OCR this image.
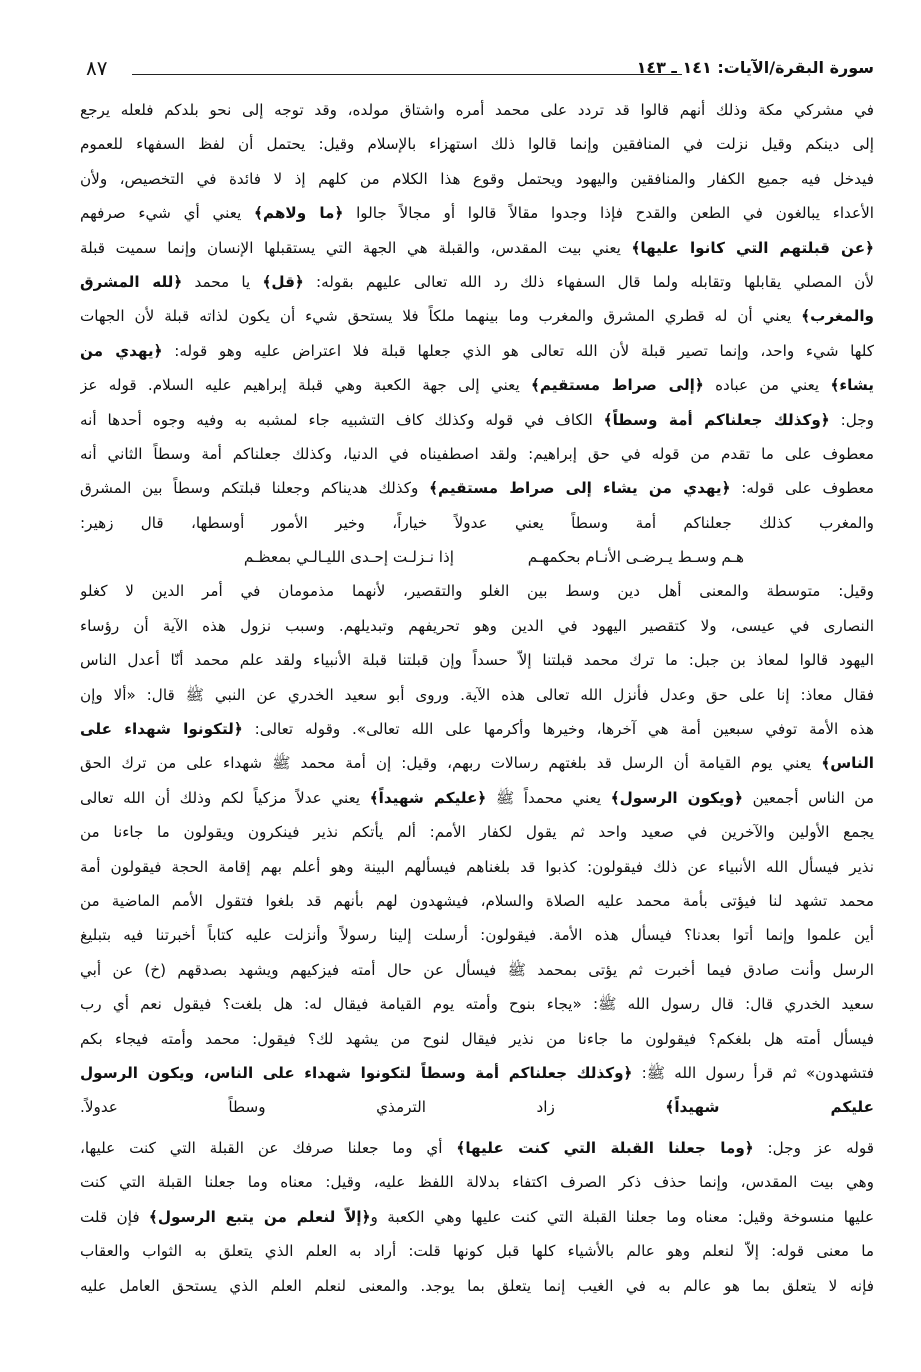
٨٧	سورة البقرة/الآيات: ١٤١ ـ ١٤٣
في مشركي مكة وذلك أنهم قالوا قد تردد على محمد أمره واشتاق مولده، وقد توجه إلى نحو بلدكم فلعله يرجع
إلى دينكم وقيل نزلت في المنافقين وإنما قالوا ذلك استهزاء بالإسلام وقيل: يحتمل أن لفظ السفهاء للعموم
فيدخل فيه جميع الكفار والمنافقين واليهود ويحتمل وقوع هذا الكلام من كلهم إذ لا فائدة في التخصيص، ولأن
الأعداء يبالغون في الطعن والقدح فإذا وجدوا مقالاً قالوا أو مجالاً جالوا ﴿ما ولاهم﴾ يعني أي شيء صرفهم
﴿عن قبلتهم التي كانوا عليها﴾ يعني بيت المقدس، والقبلة هي الجهة التي يستقبلها الإنسان وإنما سميت قبلة
لأن المصلي يقابلها وتقابله ولما قال السفهاء ذلك رد الله تعالى عليهم بقوله: ﴿قل﴾ يا محمد ﴿لله المشرق
والمغرب﴾ يعني أن له قطري المشرق والمغرب وما بينهما ملكاً فلا يستحق شيء أن يكون لذاته قبلة لأن الجهات
كلها شيء واحد، وإنما تصير قبلة لأن الله تعالى هو الذي جعلها قبلة فلا اعتراض عليه وهو قوله: ﴿يهدي من
يشاء﴾ يعني من عباده ﴿إلى صراط مستقيم﴾ يعني إلى جهة الكعبة وهي قبلة إبراهيم عليه السلام. قوله عز
وجل: ﴿وكذلك جعلناكم أمة وسطاً﴾ الكاف في قوله وكذلك كاف التشبيه جاء لمشبه به وفيه وجوه أحدها أنه
معطوف على ما تقدم من قوله في حق إبراهيم: ولقد اصطفيناه في الدنيا، وكذلك جعلناكم أمة وسطاً الثاني أنه
معطوف على قوله: ﴿يهدي من يشاء إلى صراط مستقيم﴾ وكذلك هديناكم وجعلنا قبلتكم وسطاً بين المشرق
والمغرب كذلك جعلناكم أمة وسطاً يعني عدولاً خياراً، وخير الأمور أوسطها، قال زهير:
هـم وسـط يـرضـى الأنـام بحكمهـم
إذا نـزلـت إحـدى الليـالـي بمعظـم
وقيل: متوسطة والمعنى أهل دين وسط بين الغلو والتقصير، لأنهما مذمومان في أمر الدين لا كغلو
النصارى في عيسى، ولا كتقصير اليهود في الدين وهو تحريفهم وتبديلهم. وسبب نزول هذه الآية أن رؤساء
اليهود قالوا لمعاذ بن جبل: ما ترك محمد قبلتنا إلاّ حسداً وإن قبلتنا قبلة الأنبياء ولقد علم محمد أنّا أعدل الناس
فقال معاذ: إنا على حق وعدل فأنزل الله تعالى هذه الآية. وروى أبو سعيد الخدري عن النبي ﷺ قال: «ألا وإن
هذه الأمة توفي سبعين أمة هي آخرها، وخيرها وأكرمها على الله تعالى». وقوله تعالى: ﴿لتكونوا شهداء على
الناس﴾ يعني يوم القيامة أن الرسل قد بلغتهم رسالات ربهم، وقيل: إن أمة محمد ﷺ شهداء على من ترك الحق
من الناس أجمعين ﴿ويكون الرسول﴾ يعني محمداً ﷺ ﴿عليكم شهيداً﴾ يعني عدلاً مزكياً لكم وذلك أن الله تعالى
يجمع الأولين والآخرين في صعيد واحد ثم يقول لكفار الأمم: ألم يأتكم نذير فينكرون ويقولون ما جاءنا من
نذير فيسأل الله الأنبياء عن ذلك فيقولون: كذبوا قد بلغناهم فيسألهم البينة وهو أعلم بهم إقامة الحجة فيقولون أمة
محمد تشهد لنا فيؤتى بأمة محمد عليه الصلاة والسلام، فيشهدون لهم بأنهم قد بلغوا فتقول الأمم الماضية من
أين علموا وإنما أتوا بعدنا؟ فيسأل هذه الأمة. فيقولون: أرسلت إلينا رسولاً وأنزلت عليه كتاباً أخبرتنا فيه بتبليغ
الرسل وأنت صادق فيما أخبرت ثم يؤتى بمحمد ﷺ فيسأل عن حال أمته فيزكيهم ويشهد بصدقهم (خ) عن أبي
سعيد الخدري قال: قال رسول الله ﷺ: «يجاء بنوح وأمته يوم القيامة فيقال له: هل بلغت؟ فيقول نعم أي رب
فيسأل أمته هل بلغكم؟ فيقولون ما جاءنا من نذير فيقال لنوح من يشهد لك؟ فيقول: محمد وأمته فيجاء بكم
فتشهدون» ثم قرأ رسول الله ﷺ: ﴿وكذلك جعلناكم أمة وسطاً لتكونوا شهداء على الناس، ويكون الرسول
عليكم شهيداً﴾ زاد الترمذي وسطاً عدولاً.
قوله عز وجل: ﴿وما جعلنا القبلة التي كنت عليها﴾ أي وما جعلنا صرفك عن القبلة التي كنت عليها،
وهي بيت المقدس، وإنما حذف ذكر الصرف اكتفاء بدلالة اللفظ عليه، وقيل: معناه وما جعلنا القبلة التي كنت
عليها منسوخة وقيل: معناه وما جعلنا القبلة التي كنت عليها وهي الكعبة و﴿إلاّ لنعلم من يتبع الرسول﴾ فإن قلت
ما معنى قوله: إلاّ لنعلم وهو عالم بالأشياء كلها قبل كونها قلت: أراد به العلم الذي يتعلق به الثواب والعقاب
فإنه لا يتعلق بما هو عالم به في الغيب إنما يتعلق بما يوجد. والمعنى لنعلم العلم الذي يستحق العامل عليه
